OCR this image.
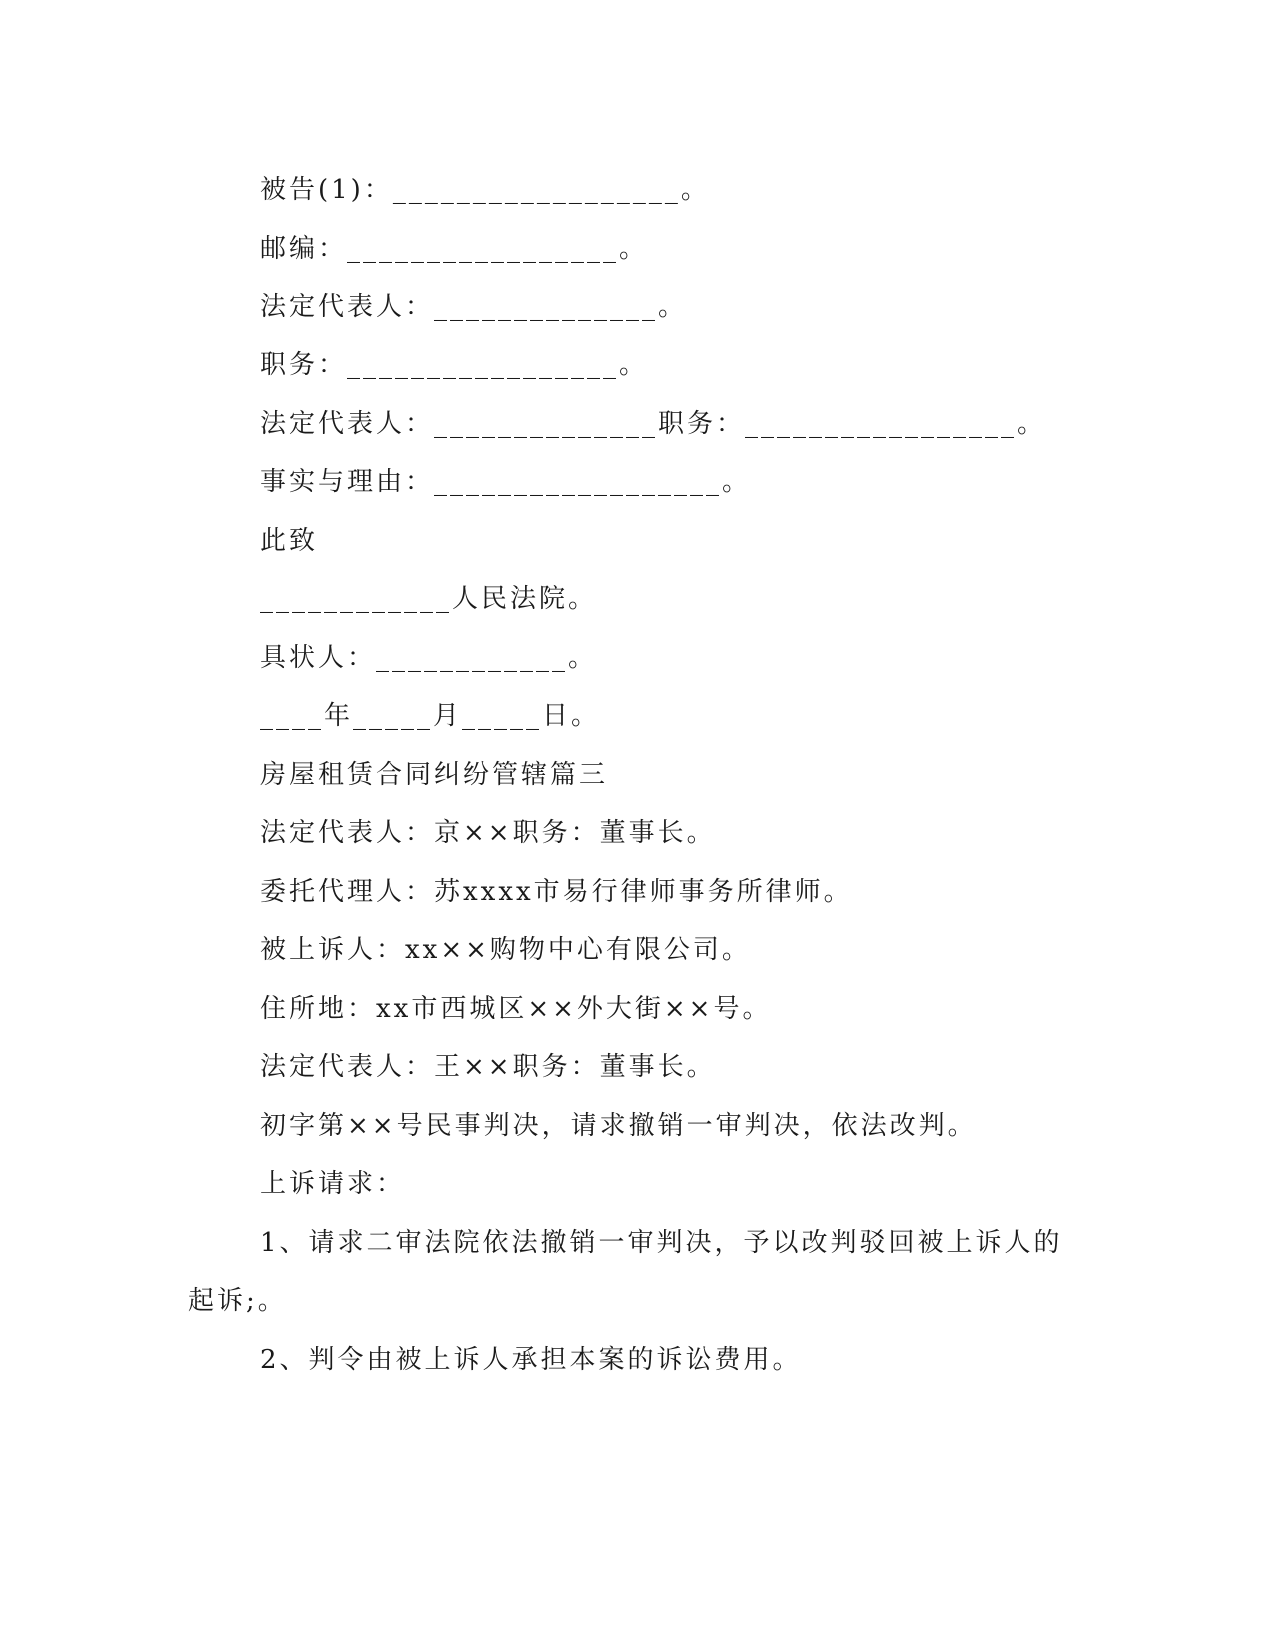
被告(1)：__________________。
邮编：_________________。
法定代表人：______________。
职务：_________________。
法定代表人：______________职务：_________________。
事实与理由：__________________。
此致
____________人民法院。
具状人：____________。
____年_____月_____日。
房屋租赁合同纠纷管辖篇三
法定代表人：京××职务：董事长。
委托代理人：苏xxxx市易行律师事务所律师。
被上诉人：xx××购物中心有限公司。
住所地：xx市西城区××外大街××号。
法定代表人：王××职务：董事长。
初字第××号民事判决，请求撤销一审判决，依法改判。
上诉请求：
1、请求二审法院依法撤销一审判决，予以改判驳回被上诉人的
起诉;。
2、判令由被上诉人承担本案的诉讼费用。
